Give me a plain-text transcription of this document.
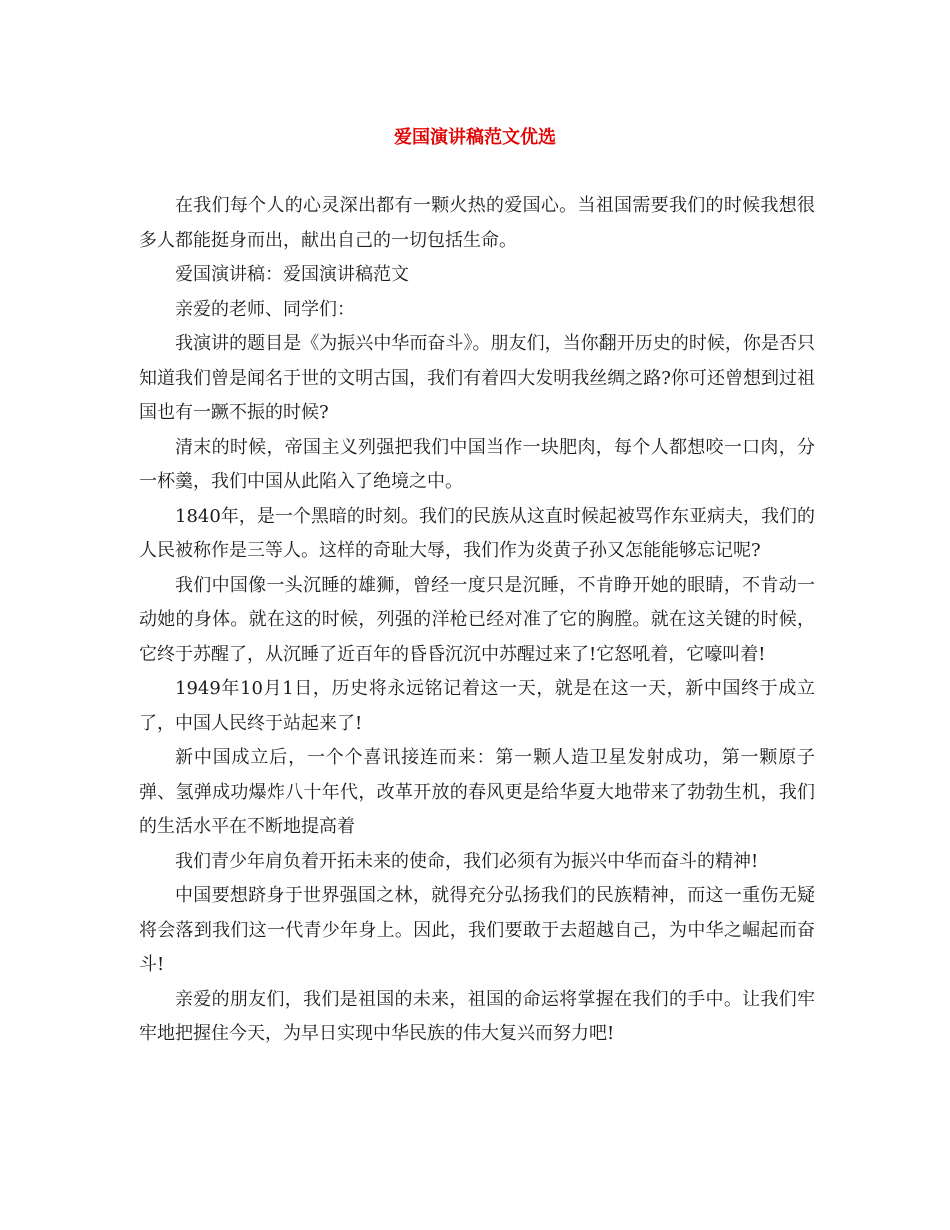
爱国演讲稿范文优选

在我们每个人的心灵深出都有一颗火热的爱国心。当祖国需要我们的时候我想很多人都能挺身而出，献出自己的一切包括生命。

爱国演讲稿：爱国演讲稿范文

亲爱的老师、同学们：

我演讲的题目是《为振兴中华而奋斗》。朋友们，当你翻开历史的时候，你是否只知道我们曾是闻名于世的文明古国，我们有着四大发明我丝绸之路?你可还曾想到过祖国也有一蹶不振的时候?

清末的时候，帝国主义列强把我们中国当作一块肥肉，每个人都想咬一口肉，分一杯羹，我们中国从此陷入了绝境之中。

1840年，是一个黑暗的时刻。我们的民族从这直时候起被骂作东亚病夫，我们的人民被称作是三等人。这样的奇耻大辱，我们作为炎黄子孙又怎能能够忘记呢?

我们中国像一头沉睡的雄狮，曾经一度只是沉睡，不肯睁开她的眼睛，不肯动一动她的身体。就在这的时候，列强的洋枪已经对准了它的胸膛。就在这关键的时候，它终于苏醒了，从沉睡了近百年的昏昏沉沉中苏醒过来了!它怒吼着，它嚎叫着!

1949年10月1日，历史将永远铭记着这一天，就是在这一天，新中国终于成立了，中国人民终于站起来了!

新中国成立后，一个个喜讯接连而来：第一颗人造卫星发射成功，第一颗原子弹、氢弹成功爆炸八十年代，改革开放的春风更是给华夏大地带来了勃勃生机，我们的生活水平在不断地提高着

我们青少年肩负着开拓未来的使命，我们必须有为振兴中华而奋斗的精神!

中国要想跻身于世界强国之林，就得充分弘扬我们的民族精神，而这一重伤无疑将会落到我们这一代青少年身上。因此，我们要敢于去超越自己，为中华之崛起而奋斗!

亲爱的朋友们，我们是祖国的未来，祖国的命运将掌握在我们的手中。让我们牢牢地把握住今天，为早日实现中华民族的伟大复兴而努力吧!
